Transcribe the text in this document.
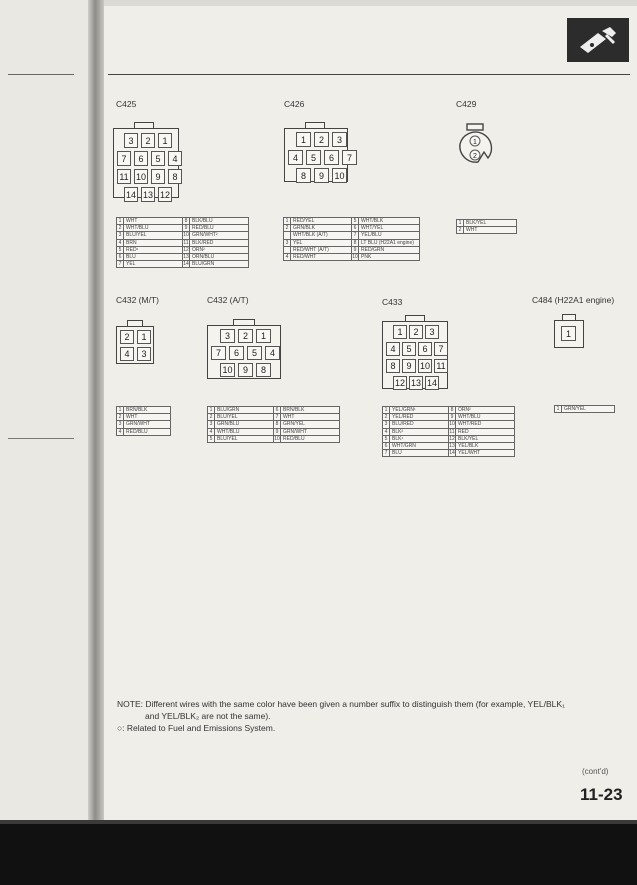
C425
3	2	1
7	6	5	4
11 10	9	8
14 13 12
1	WHT	8	BLK/BLU
2	WHT/BLU	9	RED/BLU
3	BLU/YEL	10	GRN/WHT²
4	BRN	11	BLK/RED
5	RED¹	12	ORN²
6	BLU	13	ORN/BLU
7	YEL	14	BLU/GRN
C426
1	2	3
4	5	6	7
8	9	10
1	RED/YEL	5	WHT/BLK
2	GRN/BLK	6	WHT/YEL
	WHT/BLK (A/T)	7	YEL/BLU
3	YEL	8	LT BLU (H22A1 engine)
	RED/WHT (A/T)	9	RED/GRN
4	RED/WHT	10	PNK
C429
1
2
1	BLK/YEL
2	WHT
C432 (M/T)
2	1
4	3
1	BRN/BLK
2	WHT
3	GRN/WHT
4	RED/BLU
C432 (A/T)
3	2	1
7	6	5	4
10	9	8
1	BLU/GRN	6	BRN/BLK
2	BLU/YEL	7	WHT
3	GRN/BLU	8	GRN/YEL
4	WHT/BLU	9	GRN/WHT
5	BLU/YEL	10	RED/BLU
C433
1	2	3
4	5	6	7
8	9 10 11
12 13 14
1	YEL/GRN¹	8	ORN²
2	YEL/RED	9	WHT/BLU
3	BLU/RED	10	WHT/RED
4	BLK²	11	RED
5	BLK¹	12	BLK/YEL
6	WHT/GRN	13	YEL/BLK
7	BLU	14	YEL/WHT
C484 (H22A1 engine)
1
1	GRN/YEL
NOTE: Different wires with the same color have been given a number suffix to distinguish them (for example, YEL/BLK₁
and YEL/BLK₂ are not the same).
○: Related to Fuel and Emissions System.
(cont'd)
11-23
